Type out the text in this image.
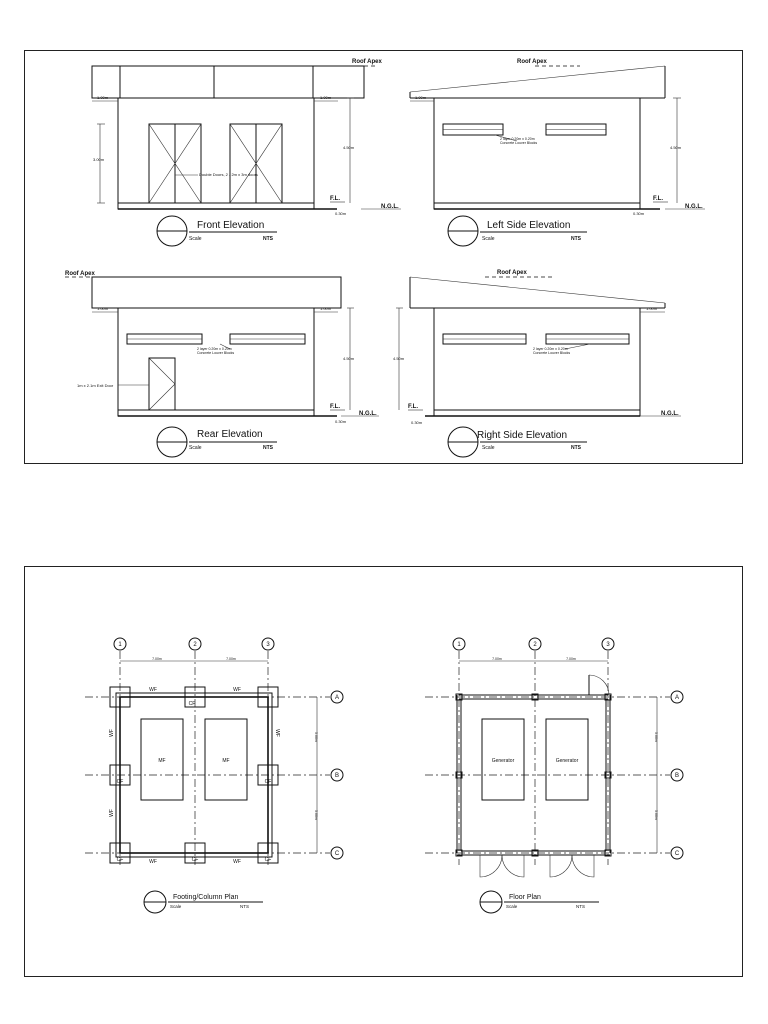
Double Doors, 2 - 2m x 3m doors
Roof Apex
1.00m	1.00m
3.00m
4.50m
F.L.
0.30m
N.G.L.
Front Elevation
Scale	NTS
2 layer 0.20m x 0.20m
Concrete Louver Blocks
Roof Apex
1.00m
4.50m
F.L.
0.30m
N.G.L.
Left Side Elevation
Scale	NTS
2 layer 0.20m x 0.20m
Concrete Louver Blocks
1m x 2.1m Exit Door
Roof Apex
1.00m	1.00m
4.50m
F.L.
0.30m
N.G.L.
Rear Elevation
Scale	NTS
2 layer 0.20m x 0.20m
Concrete Louver Blocks
Roof Apex
1.00m
4.50m
F.L.
0.30m
N.G.L.
Right Side Elevation
Scale	NTS
1	2	3
A
B
C
7.00m	7.00m
5.00m
5.00m
CF
CF	CF
CF	CF	CF
WF	WF
WF	WF
WF
WF
WF
MF	MF
Footing/Column Plan
Scale	NTS
1	2	3
A
B
C
7.00m	7.00m
5.00m
5.00m
Generator	Generator
Floor Plan
Scale	NTS
